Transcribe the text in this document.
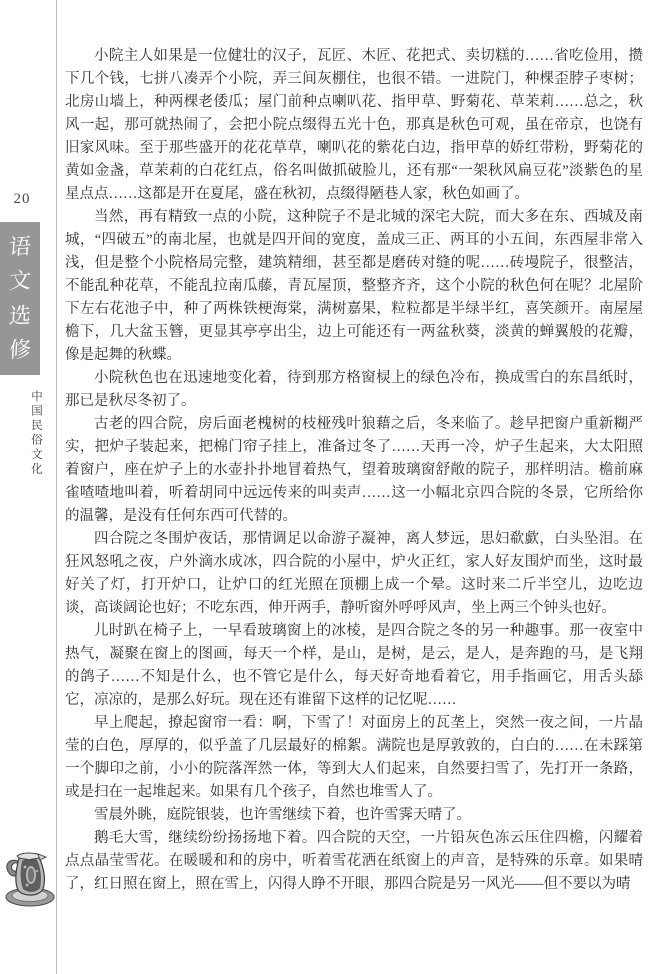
20
语
文
选
修
中国民俗文化

小院主人如果是一位健壮的汉子，瓦匠、木匠、花把式、卖切糕的……省吃俭用，攒下几个钱，七拼八凑弄个小院，弄三间灰棚住，也很不错。一进院门，种棵歪脖子枣树；北房山墙上，种两棵老倭瓜；屋门前种点喇叭花、指甲草、野菊花、草茉莉……总之，秋风一起，那可就热闹了，会把小院点缀得五光十色，那真是秋色可观，虽在帝京，也饶有旧家风味。至于那些盛开的花花草草，喇叭花的紫花白边，指甲草的娇红带粉，野菊花的黄如金盏，草茉莉的白花红点，俗名叫做抓破脸儿，还有那“一架秋风扁豆花”淡紫色的星星点点……这都是开在夏尾，盛在秋初，点缀得陋巷人家，秋色如画了。

当然，再有精致一点的小院，这种院子不是北城的深宅大院，而大多在东、西城及南城，“四破五”的南北屋，也就是四开间的宽度，盖成三正、两耳的小五间，东西屋非常入浅，但是整个小院格局完整，建筑精细，甚至都是磨砖对缝的呢……砖墁院子，很整洁，不能乱种花草，不能乱拉南瓜藤，青瓦屋顶，整整齐齐，这个小院的秋色何在呢？北屋阶下左右花池子中，种了两株铁梗海棠，满树嘉果，粒粒都是半绿半红，喜笑颜开。南屋屋檐下，几大盆玉簪，更显其亭亭出尘，边上可能还有一两盆秋葵，淡黄的蝉翼般的花瓣，像是起舞的秋蝶。

小院秋色也在迅速地变化着，待到那方格窗棂上的绿色冷布，换成雪白的东昌纸时，那已是秋尽冬初了。

古老的四合院，房后面老槐树的枝桠残叶狼藉之后，冬来临了。趁早把窗户重新糊严实，把炉子装起来，把棉门帘子挂上，准备过冬了……天再一冷，炉子生起来，大太阳照着窗户，座在炉子上的水壶扑扑地冒着热气，望着玻璃窗舒敞的院子，那样明洁。檐前麻雀喳喳地叫着，听着胡同中远远传来的叫卖声……这一小幅北京四合院的冬景，它所给你的温馨，是没有任何东西可代替的。

四合院之冬围炉夜话，那情调足以命游子凝神，离人梦远，思妇欷歔，白头坠泪。在狂风怒吼之夜，户外滴水成冰，四合院的小屋中，炉火正红，家人好友围炉而坐，这时最好关了灯，打开炉口，让炉口的红光照在顶棚上成一个晕。这时来二斤半空儿，边吃边谈，高谈阔论也好；不吃东西，伸开两手，静听窗外呼呼风声，坐上两三个钟头也好。

儿时趴在椅子上，一早看玻璃窗上的冰棱，是四合院之冬的另一种趣事。那一夜室中热气，凝聚在窗上的图画，每天一个样，是山，是树，是云，是人，是奔跑的马，是飞翔的鸽子……不知是什么，也不管它是什么，每天好奇地看着它，用手指画它，用舌头舔它，凉凉的，是那么好玩。现在还有谁留下这样的记忆呢……

早上爬起，撩起窗帘一看：啊，下雪了！对面房上的瓦垄上，突然一夜之间，一片晶莹的白色，厚厚的，似乎盖了几层最好的棉絮。满院也是厚敦敦的，白白的……在未踩第一个脚印之前，小小的院落浑然一体，等到大人们起来，自然要扫雪了，先打开一条路，或是扫在一起堆起来。如果有几个孩子，自然也堆雪人了。

雪晨外眺，庭院银装，也许雪继续下着，也许雪霁天晴了。

鹅毛大雪，继续纷纷扬扬地下着。四合院的天空，一片铅灰色冻云压住四檐，闪耀着点点晶莹雪花。在暖暖和和的房中，听着雪花洒在纸窗上的声音，是特殊的乐章。如果晴了，红日照在窗上，照在雪上，闪得人睁不开眼，那四合院是另一风光——但不要以为晴
